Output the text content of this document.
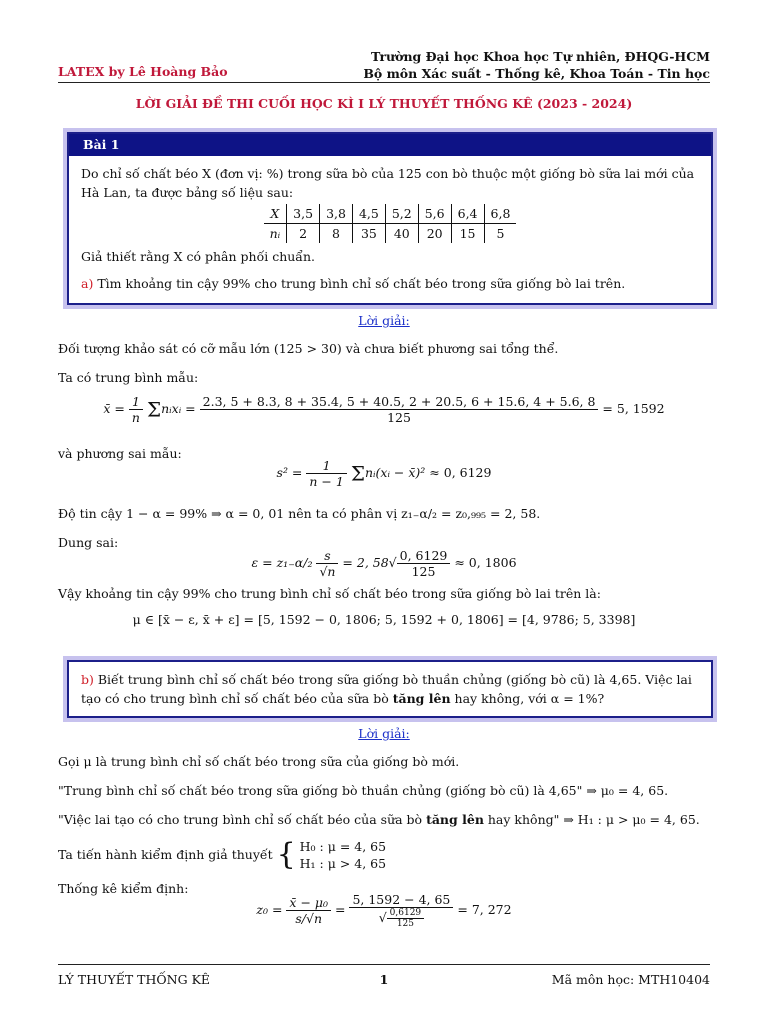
LATEX by Lê Hoàng Bảo
Trường Đại học Khoa học Tự nhiên, ĐHQG-HCM
Bộ môn Xác suất - Thống kê, Khoa Toán - Tin học
LỜI GIẢI ĐỀ THI CUỐI HỌC KÌ I LÝ THUYẾT THỐNG KÊ (2023 - 2024)
Bài 1
Do chỉ số chất béo X (đơn vị: %) trong sữa bò của 125 con bò thuộc một giống bò sữa lai mới của Hà Lan, ta được bảng số liệu sau:
X	3,5	3,8	4,5	5,2	5,6	6,4	6,8
nᵢ	2	8	35	40	20	15	5
Giả thiết rằng X có phân phối chuẩn.
a) Tìm khoảng tin cậy 99% cho trung bình chỉ số chất béo trong sữa giống bò lai trên.
Lời giải:
Đối tượng khảo sát có cỡ mẫu lớn (125 > 30) và chưa biết phương sai tổng thể.
Ta có trung bình mẫu:
x̄ = $\frac{1}{n}$ Σnᵢxᵢ = 2.3, 5 + 8.3, 8 + 35.4, 5 + 40.5, 2 + 20.5, 6 + 15.6, 4 + 5.6, 8
125
= 5, 1592
và phương sai mẫu:
$s^2 = \frac{1}{n - 1}$ Σnᵢ(xᵢ − x̄)² ≈ 0, 6129
Độ tin cậy 1 − α = 99% ⇒ α = 0, 01 nên ta có phân vị z₁₋α/₂ = z₀,₉₉₅ = 2, 58.
Dung sai:
$\varepsilon = z_{1-}\alpha/_2 \frac{s}{√n} = 2$, $58√ \frac{0, 6129}{125} \approx 0$, 1806
Vậy khoảng tin cậy 99% cho trung bình chỉ số chất béo trong sữa giống bò lai trên là:
μ ∈ [x̄ − ε, x̄ + ε] = [5, 1592 − 0, 1806; 5, 1592 + 0, 1806] = [4, 9786; 5, 3398]
b) Biết trung bình chỉ số chất béo trong sữa giống bò thuần chủng (giống bò cũ) là 4,65. Việc lai tạo có cho trung bình chỉ số chất béo của sữa bò tăng lên hay không, với α = 1%?
Lời giải:
Gọi μ là trung bình chỉ số chất béo trong sữa của giống bò mới.
"Trung bình chỉ số chất béo trong sữa giống bò thuần chủng (giống bò cũ) là 4,65" ⇒ μ₀ = 4, 65.
"Việc lai tạo có cho trung bình chỉ số chất béo của sữa bò tăng lên hay không" ⇒ H₁ : μ > μ₀ = 4, 65.
Ta tiến hành kiểm định giả thuyết { H₀ : μ = 4, 65
H₁ : μ > 4, 65
Thống kê kiểm định:
$z_0 = \frac{\text{x̄ − μ₀}}{s/√n} = \frac{5, 1592 - 4, 65}{√ \frac{0,6129}{125}} = 7$, 272
LÝ THUYẾT THỐNG KÊ	1	Mã môn học: MTH10404
